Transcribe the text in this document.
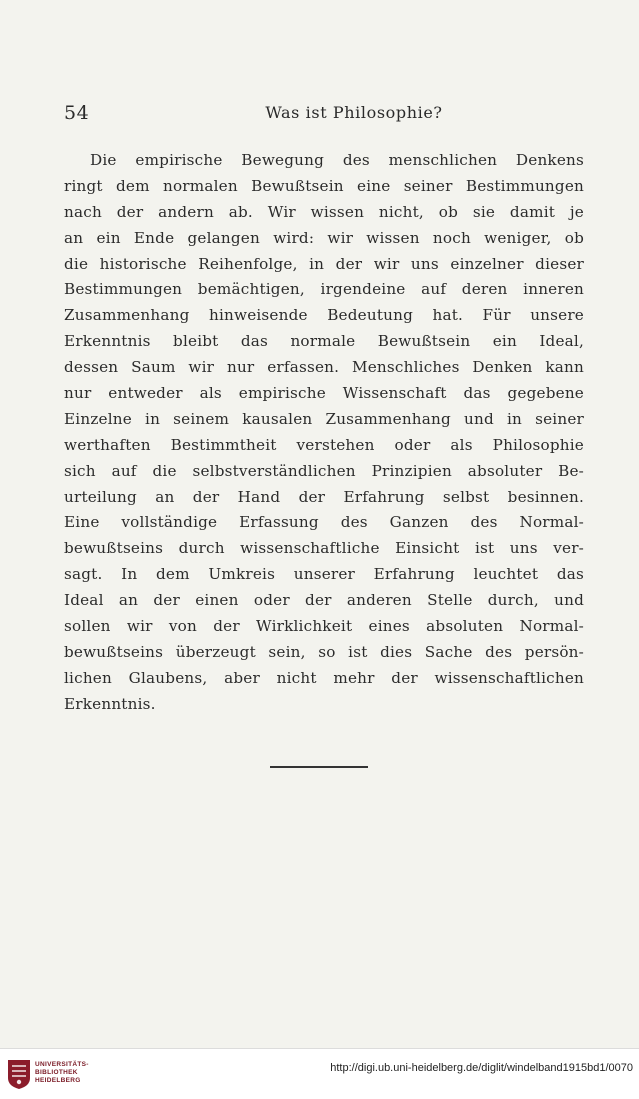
54	Was ist Philosophie?
Die empirische Bewegung des menschlichen Denkens
ringt dem normalen Bewußtsein eine seiner Bestimmungen
nach der andern ab. Wir wissen nicht, ob sie damit je
an ein Ende gelangen wird: wir wissen noch weniger, ob
die historische Reihenfolge, in der wir uns einzelner dieser
Bestimmungen bemächtigen, irgendeine auf deren inneren
Zusammenhang hinweisende Bedeutung hat. Für unsere
Erkenntnis bleibt das normale Bewußtsein ein Ideal,
dessen Saum wir nur erfassen. Menschliches Denken kann
nur entweder als empirische Wissenschaft das gegebene
Einzelne in seinem kausalen Zusammenhang und in seiner
werthaften Bestimmtheit verstehen oder als Philosophie
sich auf die selbstverständlichen Prinzipien absoluter Be-
urteilung an der Hand der Erfahrung selbst besinnen.
Eine vollständige Erfassung des Ganzen des Normal-
bewußtseins durch wissenschaftliche Einsicht ist uns ver-
sagt. In dem Umkreis unserer Erfahrung leuchtet das
Ideal an der einen oder der anderen Stelle durch, und
sollen wir von der Wirklichkeit eines absoluten Normal-
bewußtseins überzeugt sein, so ist dies Sache des persön-
lichen Glaubens, aber nicht mehr der wissenschaftlichen
Erkenntnis.
UNIVERSITÄTS-
BIBLIOTHEK
HEIDELBERG
http://digi.ub.uni-heidelberg.de/diglit/windelband1915bd1/0070
